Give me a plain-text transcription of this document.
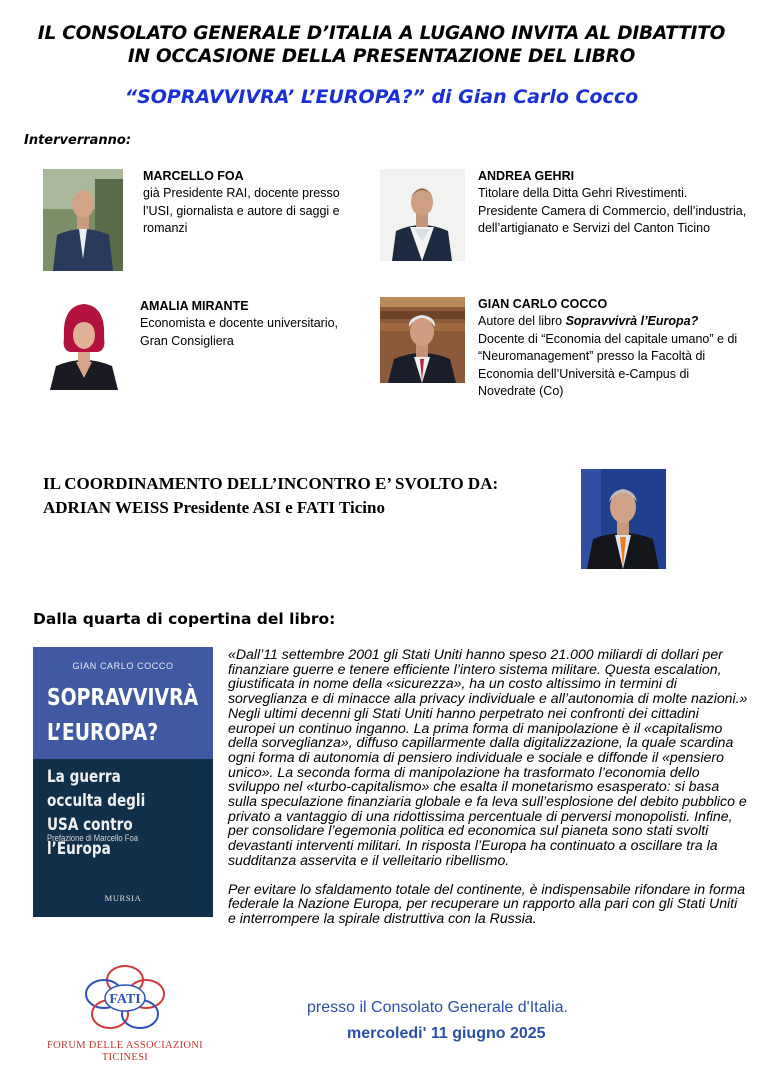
IL CONSOLATO GENERALE D’ITALIA A LUGANO INVITA AL DIBATTITO
IN OCCASIONE DELLA PRESENTAZIONE DEL LIBRO
“SOPRAVVIVRA’ L’EUROPA?” di Gian Carlo Cocco
Interverranno:
MARCELLO FOA
già Presidente RAI, docente presso l’USI, giornalista e autore di saggi e romanzi
ANDREA GEHRI
Titolare della Ditta Gehri Rivestimenti. Presidente Camera di Commercio, dell’industria, dell’artigianato e Servizi del Canton Ticino
AMALIA MIRANTE
Economista e docente universitario, Gran Consigliera
GIAN CARLO COCCO
Autore del libro Sopravvivrà l’Europa?
Docente di “Economia del capitale umano” e di “Neuromanagement” presso la Facoltà di Economia dell’Università e-Campus di Novedrate (Co)
IL COORDINAMENTO DELL’INCONTRO E’ SVOLTO DA:
ADRIAN WEISS Presidente ASI e FATI Ticino
Dalla quarta di copertina del libro:
GIAN CARLO COCCO
SOPRAVVIVRÀ
L’EUROPA?
La guerra occulta degli
USA contro l’Europa
Prefazione di Marcello Foa
MURSIA

«Dall’11 settembre 2001 gli Stati Uniti hanno speso 21.000 miliardi di dollari per finanziare guerre e tenere efficiente l’intero sistema militare. Questa escalation, giustificata in nome della «sicurezza», ha un costo altissimo in termini di sorveglianza e di minacce alla privacy individuale e all’autonomia di molte nazioni.» Negli ultimi decenni gli Stati Uniti hanno perpetrato nei confronti dei cittadini europei un continuo inganno. La prima forma di manipolazione è il «capitalismo della sorveglianza», diffuso capillarmente dalla digitalizzazione, la quale scardina ogni forma di autonomia di pensiero individuale e sociale e diffonde il «pensiero unico». La seconda forma di manipolazione ha trasformato l’economia dello sviluppo nel «turbo-capitalismo» che esalta il monetarismo esasperato: si basa sulla speculazione finanziaria globale e fa leva sull’esplosione del debito pubblico e privato a vantaggio di una ridottissima percentuale di perversi monopolisti. Infine, per consolidare l’egemonia politica ed economica sul pianeta sono stati svolti devastanti interventi militari. In risposta l’Europa ha continuato a oscillare tra la sudditanza asservita e il velleitario ribellismo.

Per evitare lo sfaldamento totale del continente, è indispensabile rifondare in forma federale la Nazione Europa, per recuperare un rapporto alla pari con gli Stati Uniti e interrompere la spirale distruttiva con la Russia.

FATI
FORUM DELLE ASSOCIAZIONI
TICINESI
presso il Consolato Generale d'Italia.
mercoledi' 11 giugno 2025
